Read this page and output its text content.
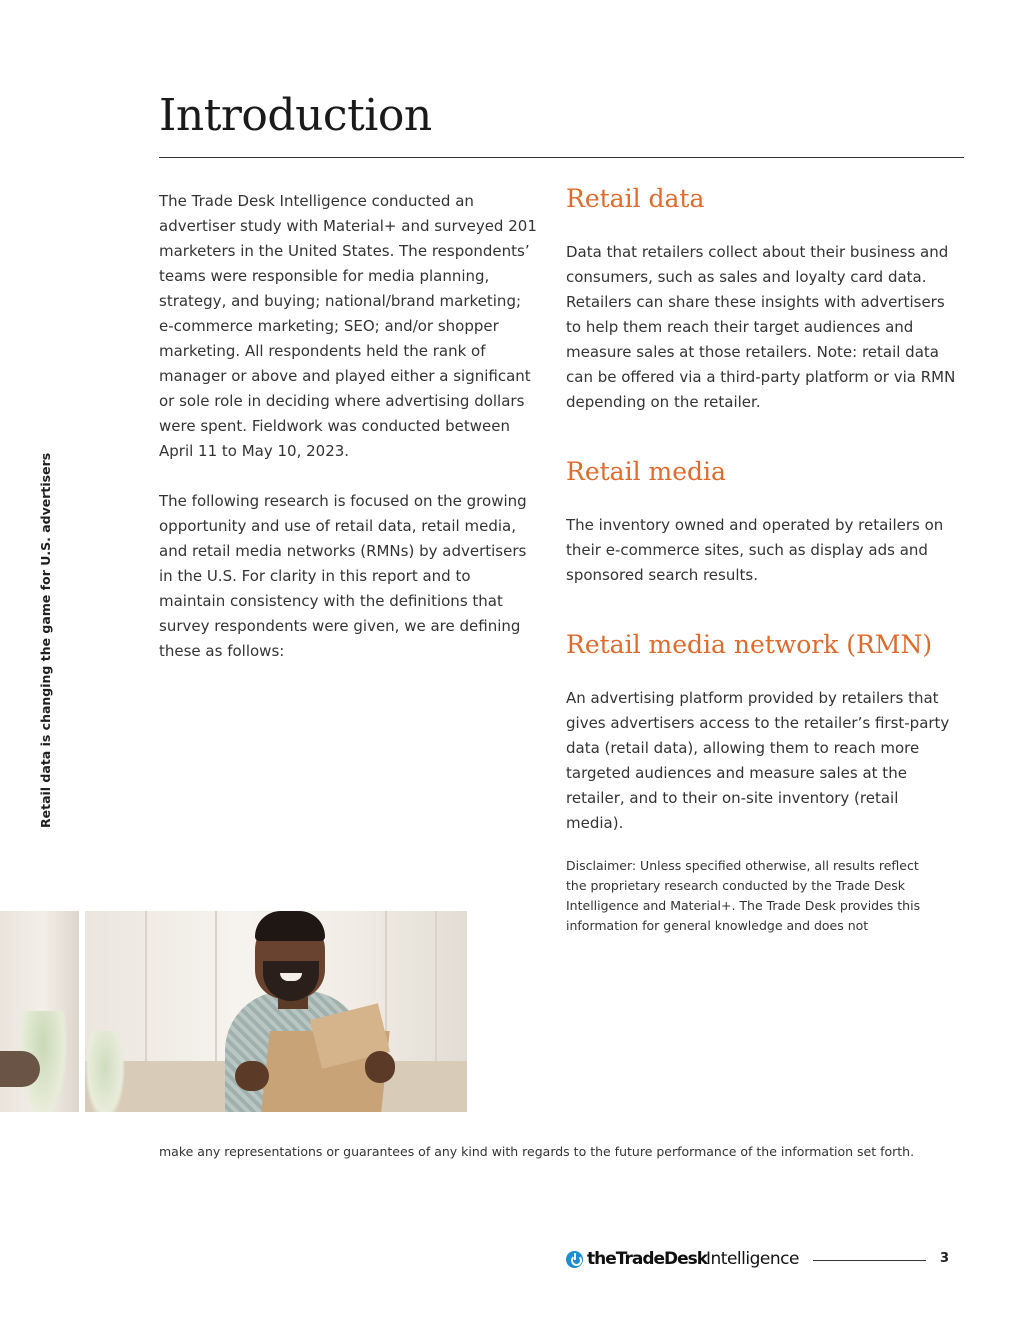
Introduction
Retail data is changing the game for U.S. advertisers

The Trade Desk Intelligence conducted an advertiser study with Material+ and surveyed 201 marketers in the United States. The respondents’ teams were responsible for media planning, strategy, and buying; national/brand marketing; e-commerce marketing; SEO; and/or shopper marketing. All respondents held the rank of manager or above and played either a significant or sole role in deciding where advertising dollars were spent. Fieldwork was conducted between April 11 to May 10, 2023.

The following research is focused on the growing opportunity and use of retail data, retail media, and retail media networks (RMNs) by advertisers in the U.S. For clarity in this report and to maintain consistency with the definitions that survey respondents were given, we are defining these as follows:

Retail data

Data that retailers collect about their business and consumers, such as sales and loyalty card data. Retailers can share these insights with advertisers to help them reach their target audiences and measure sales at those retailers. Note: retail data can be offered via a third-party platform or via RMN depending on the retailer.

Retail media

The inventory owned and operated by retailers on their e-commerce sites, such as display ads and sponsored search results.

Retail media network (RMN)

An advertising platform provided by retailers that gives advertisers access to the retailer’s first-party data (retail data), allowing them to reach more targeted audiences and measure sales at the retailer, and to their on-site inventory (retail media).

Disclaimer: Unless specified otherwise, all results reflect the proprietary research conducted by the Trade Desk Intelligence and Material+. The Trade Desk provides this information for general knowledge and does not

make any representations or guarantees of any kind with regards to the future performance of the information set forth.

theTradeDesk
Intelligence	3
